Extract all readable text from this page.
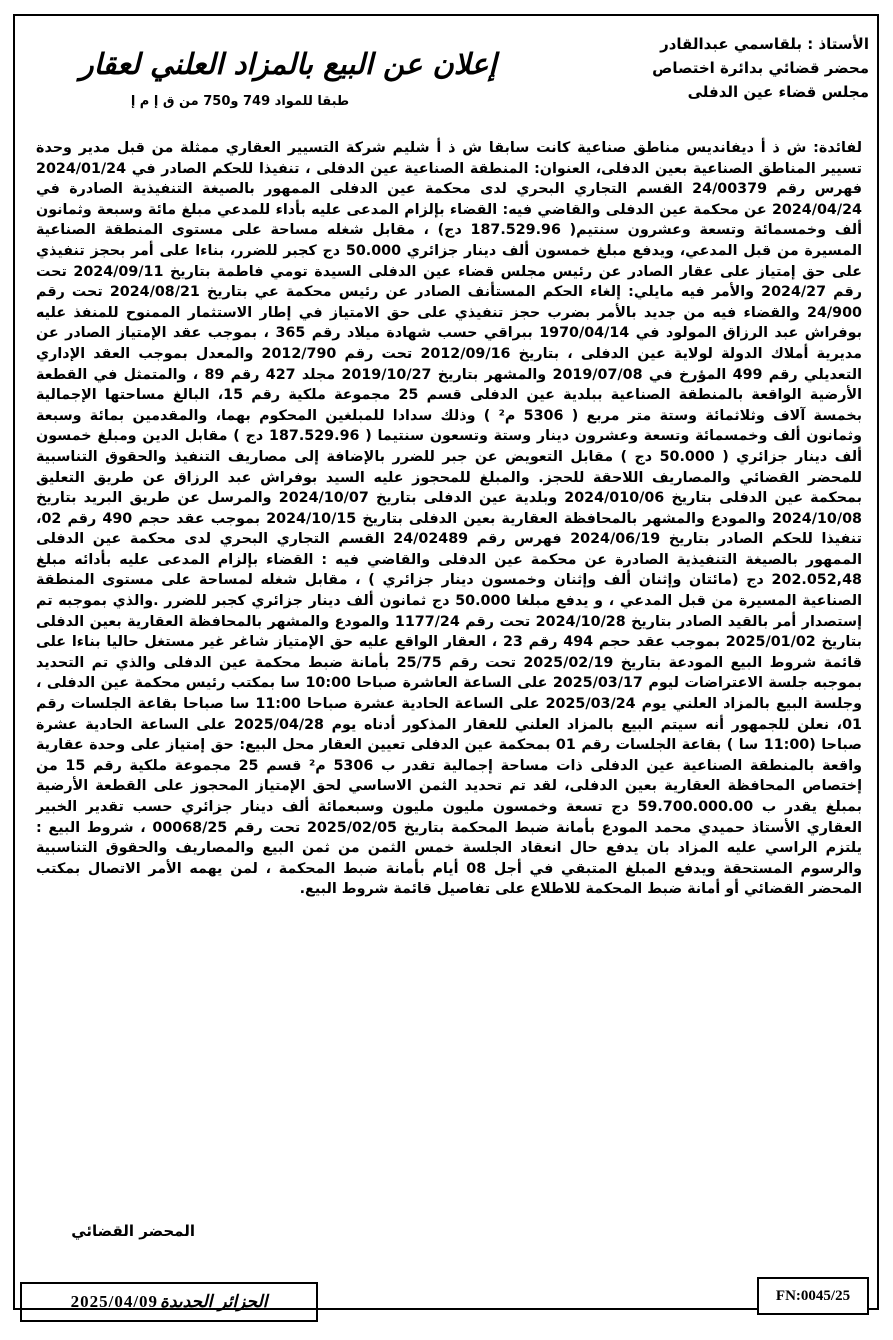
الأستاذ : بلقاسمي عبدالقادر
محضر قضائي بدائرة اختصاص
مجلس قضاء عين الدفلى
إعلان عن البيع بالمزاد العلني لعقار
طبقا للمواد 749 و750 من ق إ م إ

لفائدة: ش ذ أ ديفانديس مناطق صناعية كانت سابقا ش ذ أ شليم شركة التسيير العقاري ممثلة من قبل مدير وحدة تسيير المناطق الصناعية بعين الدفلى، العنوان: المنطقة الصناعية عين الدفلى ، تنفيذا للحكم الصادر في 2024/01/24 فهرس رقم 24/00379 القسم التجاري البحري لدى محكمة عين الدفلى الممهور بالصيغة التنفيذية الصادرة في 2024/04/24 عن محكمة عين الدفلى والقاضي فيه: القضاء بإلزام المدعى عليه بأداء للمدعي مبلغ مائة وسبعة وثمانون ألف وخمسمائة وتسعة وعشرون سنتيم( 187.529.96 دج) ، مقابل شغله مساحة على مستوى المنطقة الصناعية المسيرة من قبل المدعي، ويدفع مبلغ خمسون ألف دينار جزائري 50.000 دج كجبر للضرر، بناءا على أمر بحجز تنفيذي على حق إمتياز على عقار الصادر عن رئيس مجلس قضاء عين الدفلى السيدة تومي فاطمة بتاريخ 2024/09/11 تحت رقم 2024/27 والأمر فيه مايلي: إلغاء الحكم المستأنف الصادر عن رئيس محكمة عي بتاريخ 2024/08/21 تحت رقم 24/900 والقضاء فيه من جديد بالأمر بضرب حجز تنفيذي على حق الامتياز في إطار الاستثمار الممنوح للمنفذ عليه بوفراش عبد الرزاق المولود في 1970/04/14 ببراقي حسب شهادة ميلاد رقم 365 ، بموجب عقد الإمتياز الصادر عن مديرية أملاك الدولة لولاية عين الدفلى ، بتاريخ 2012/09/16 تحت رقم 2012/790 والمعدل بموجب العقد الإداري التعديلي رقم 499 المؤرخ في 2019/07/08 والمشهر بتاريخ 2019/10/27 مجلد 427 رقم 89 ، والمتمثل في القطعة الأرضية الواقعة بالمنطقة الصناعية ببلدية عين الدفلى قسم 25 مجموعة ملكية رقم 15، البالغ مساحتها الإجمالية بخمسة آلاف وثلاثمائة وستة متر مربع ( 5306 م² ) وذلك سدادا للمبلغين المحكوم بهما، والمقدمين بمائة وسبعة وثمانون ألف وخمسمائة وتسعة وعشرون دينار وستة وتسعون سنتيما ( 187.529.96 دج ) مقابل الدين ومبلغ خمسون ألف دينار جزائري ( 50.000 دج ) مقابل التعويض عن جبر للضرر بالإضافة إلى مصاريف التنفيذ والحقوق التناسبية للمحضر القضائي والمصاريف اللاحقة للحجز. والمبلغ للمحجوز عليه السيد بوفراش عبد الرزاق عن طريق التعليق بمحكمة عين الدفلى بتاريخ 2024/010/06 وبلدية عين الدفلى بتاريخ 2024/10/07 والمرسل عن طريق البريد بتاريخ 2024/10/08 والمودع والمشهر بالمحافظة العقارية بعين الدفلى بتاريخ 2024/10/15 بموجب عقد حجم 490 رقم 02، تنفيذا للحكم الصادر بتاريخ 2024/06/19 فهرس رقم 24/02489 القسم التجاري البحري لدى محكمة عين الدفلى الممهور بالصيغة التنفيذية الصادرة عن محكمة عين الدفلى والقاضي فيه : القضاء بإلزام المدعى عليه بأدائه مبلغ 202.052,48 دج (مائتان وإثنان ألف وإثنان وخمسون دينار جزائري ) ، مقابل شغله لمساحة على مستوى المنطقة الصناعية المسيرة من قبل المدعي ، و يدفع مبلغا 50.000 دج ثمانون ألف دينار جزائري كجبر للضرر .والذي بموجبه تم إستصدار أمر بالقيد الصادر بتاريخ 2024/10/28 تحت رقم 1177/24 والمودع والمشهر بالمحافظة العقارية بعين الدفلى بتاريخ 2025/01/02 بموجب عقد حجم 494 رقم 23 ، العقار الواقع عليه حق الإمتياز شاغر غير مستغل حاليا بناءا على قائمة شروط البيع المودعة بتاريخ 2025/02/19 تحت رقم 25/75 بأمانة ضبط محكمة عين الدفلى والذي تم التحديد بموجبه جلسة الاعتراضات ليوم 2025/03/17 على الساعة العاشرة صباحا 10:00 سا بمكتب رئيس محكمة عين الدفلى ، وجلسة البيع بالمزاد العلني يوم 2025/03/24 على الساعة الحادية عشرة صباحا 11:00 سا صباحا بقاعة الجلسات رقم 01، نعلن للجمهور أنه سيتم البيع بالمزاد العلني للعقار المذكور أدناه يوم 2025/04/28 على الساعة الحادية عشرة صباحا (11:00 سا ) بقاعة الجلسات رقم 01 بمحكمة عين الدفلى تعيين العقار محل البيع: حق إمتياز على وحدة عقارية واقعة بالمنطقة الصناعية عين الدفلى ذات مساحة إجمالية تقدر ب 5306 م² قسم 25 مجموعة ملكية رقم 15 من إختصاص المحافظة العقارية بعين الدفلى، لقد تم تحديد الثمن الاساسي لحق الإمتياز المحجوز على القطعة الأرضية بمبلغ يقدر ب 59.700.000.00 دج تسعة وخمسون مليون مليون وسبعمائة ألف دينار جزائري حسب تقدير الخبير العقاري الأستاذ حميدي محمد المودع بأمانة ضبط المحكمة بتاريخ 2025/02/05 تحت رقم 00068/25 ، شروط البيع : يلتزم الراسي عليه المزاد بان يدفع حال انعقاد الجلسة خمس الثمن من ثمن البيع والمصاريف والحقوق التناسبية والرسوم المستحقة ويدفع المبلغ المتبقي في أجل 08 أيام بأمانة ضبط المحكمة ، لمن يهمه الأمر الاتصال بمكتب المحضر القضائي أو أمانة ضبط المحكمة للاطلاع على تفاصيل قائمة شروط البيع.

المحضر القضائي
الجزائر الجديدة
2025/04/09	FN:0045/25
